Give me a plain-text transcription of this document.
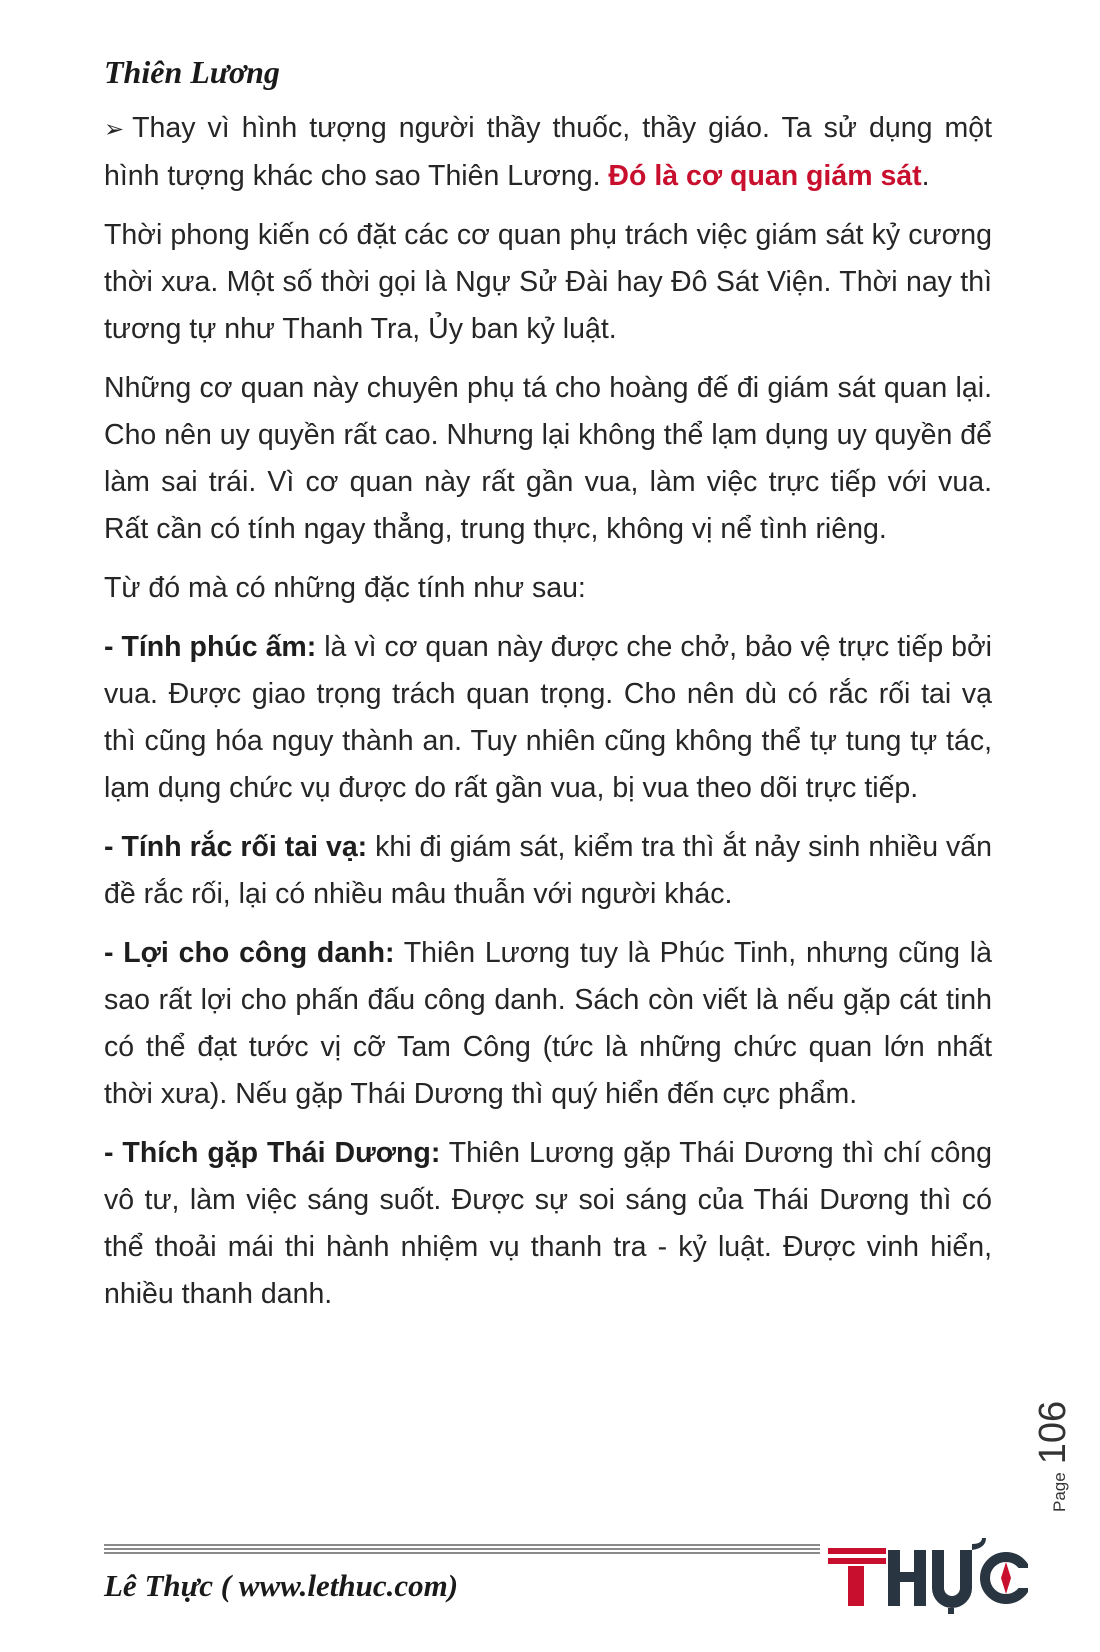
Thiên Lương

➢ Thay vì hình tượng người thầy thuốc, thầy giáo. Ta sử dụng một hình tượng khác cho sao Thiên Lương. Đó là cơ quan giám sát.

Thời phong kiến có đặt các cơ quan phụ trách việc giám sát kỷ cương thời xưa. Một số thời gọi là Ngự Sử Đài hay Đô Sát Viện. Thời nay thì tương tự như Thanh Tra, Ủy ban kỷ luật.

Những cơ quan này chuyên phụ tá cho hoàng đế đi giám sát quan lại. Cho nên uy quyền rất cao. Nhưng lại không thể lạm dụng uy quyền để làm sai trái. Vì cơ quan này rất gần vua, làm việc trực tiếp với vua. Rất cần có tính ngay thẳng, trung thực, không vị nể tình riêng.

Từ đó mà có những đặc tính như sau:

- Tính phúc ấm: là vì cơ quan này được che chở, bảo vệ trực tiếp bởi vua. Được giao trọng trách quan trọng. Cho nên dù có rắc rối tai vạ thì cũng hóa nguy thành an. Tuy nhiên cũng không thể tự tung tự tác, lạm dụng chức vụ được do rất gần vua, bị vua theo dõi trực tiếp.

- Tính rắc rối tai vạ: khi đi giám sát, kiểm tra thì ắt nảy sinh nhiều vấn đề rắc rối, lại có nhiều mâu thuẫn với người khác.

- Lợi cho công danh: Thiên Lương tuy là Phúc Tinh, nhưng cũng là sao rất lợi cho phấn đấu công danh. Sách còn viết là nếu gặp cát tinh có thể đạt tước vị cỡ Tam Công (tức là những chức quan lớn nhất thời xưa). Nếu gặp Thái Dương thì quý hiển đến cực phẩm.

- Thích gặp Thái Dương: Thiên Lương gặp Thái Dương thì chí công vô tư, làm việc sáng suốt. Được sự soi sáng của Thái Dương thì có thể thoải mái thi hành nhiệm vụ thanh tra - kỷ luật. Được vinh hiển, nhiều thanh danh.

Page106
Lê Thực ( www.lethuc.com)
